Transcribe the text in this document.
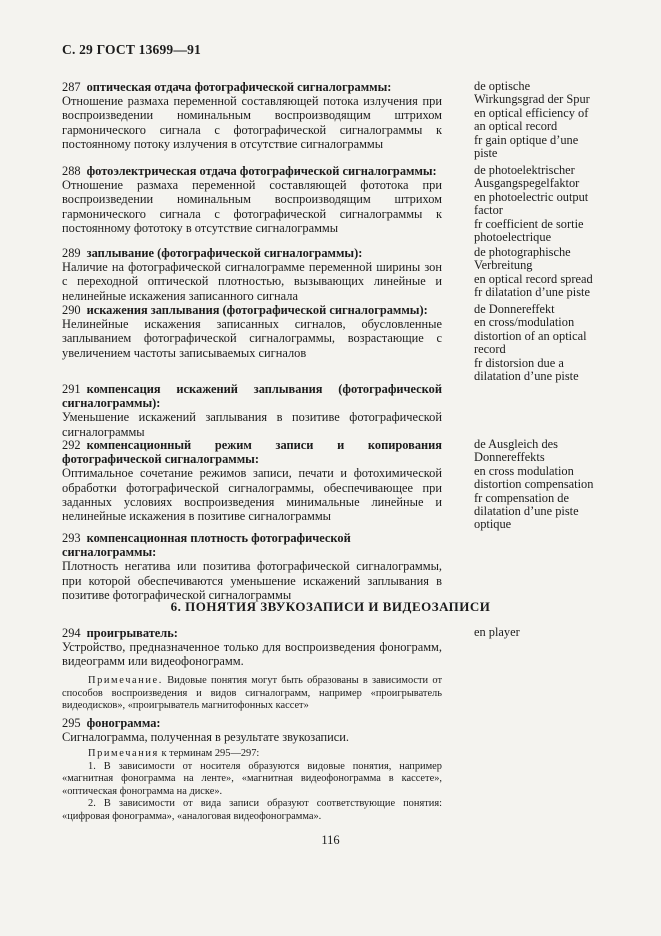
С. 29 ГОСТ 13699—91
287 оптическая отдача фотографической сигналограммы:
Отношение размаха переменной составляющей потока излучения при воспроизведении номинальным воспроизводящим штрихом гармонического сигнала с фотографической сигналограммы к постоянному потоку излучения в отсутствие сигналограммы
de optische
Wirkungsgrad der Spur
en optical efficiency of
an optical record
fr gain optique d’une
piste
288 фотоэлектрическая отдача фотографической сигналограммы:
Отношение размаха переменной составляющей фототока при воспроизведении номинальным воспроизводящим штрихом гармонического сигнала с фотографической сигналограммы к постоянному фототоку в отсутствие сигналограммы
de photoelektrischer
Ausgangspegelfaktor
en photoelectric output
factor
fr coefficient de sortie
photoelectrique
289 заплывание (фотографической сигналограммы):
Наличие на фотографической сигналограмме переменной ширины зон с переходной оптической плотностью, вызывающих линейные и нелинейные искажения записанного сигнала
de photographische
Verbreitung
en optical record spread
fr dilatation d’une piste
290 искажения заплывания (фотографической сигналограммы):
Нелинейные искажения записанных сигналов, обусловленные заплыванием фотографической сигналограммы, возрастающие с увеличением частоты записываемых сигналов
de Donnereffekt
en cross/modulation
distortion of an optical
record
fr distorsion due a
dilatation d’une piste
291 компенсация искажений заплывания (фотографической сигналограммы):
Уменьшение искажений заплывания в позитиве фотографической сигналограммы
292 компенсационный режим записи и копирования фотографической сигналограммы:
Оптимальное сочетание режимов записи, печати и фотохимической обработки фотографической сигналограммы, обеспечивающее при заданных условиях воспроизведения минимальные линейные и нелинейные искажения в позитиве сигналограммы
de Ausgleich des
Donnereffekts
en cross modulation
distortion compensation
fr compensation de
dilatation d’une piste
optique
293 компенсационная плотность фотографической сигналограммы:
Плотность негатива или позитива фотографической сигналограммы, при которой обеспечиваются уменьшение искажений заплывания в позитиве фотографической сигналограммы
6. ПОНЯТИЯ ЗВУКОЗАПИСИ И ВИДЕОЗАПИСИ
294 проигрыватель:
Устройство, предназначенное только для воспроизведения фонограмм, видеограмм или видеофонограмм.
en player
Примечание. Видовые понятия могут быть образованы в зависимости от способов воспроизведения и видов сигналограмм, например «проигрыватель видеодисков», «проигрыватель магнитофонных кассет»
295 фонограмма:
Сигналограмма, полученная в результате звукозаписи.
Примечания к терминам 295—297:
1. В зависимости от носителя образуются видовые понятия, например «магнитная фонограмма на ленте», «магнитная видеофонограмма в кассете», «оптическая фонограмма на диске».
2. В зависимости от вида записи образуют соответствующие понятия: «цифровая фонограмма», «аналоговая видеофонограмма».
116
